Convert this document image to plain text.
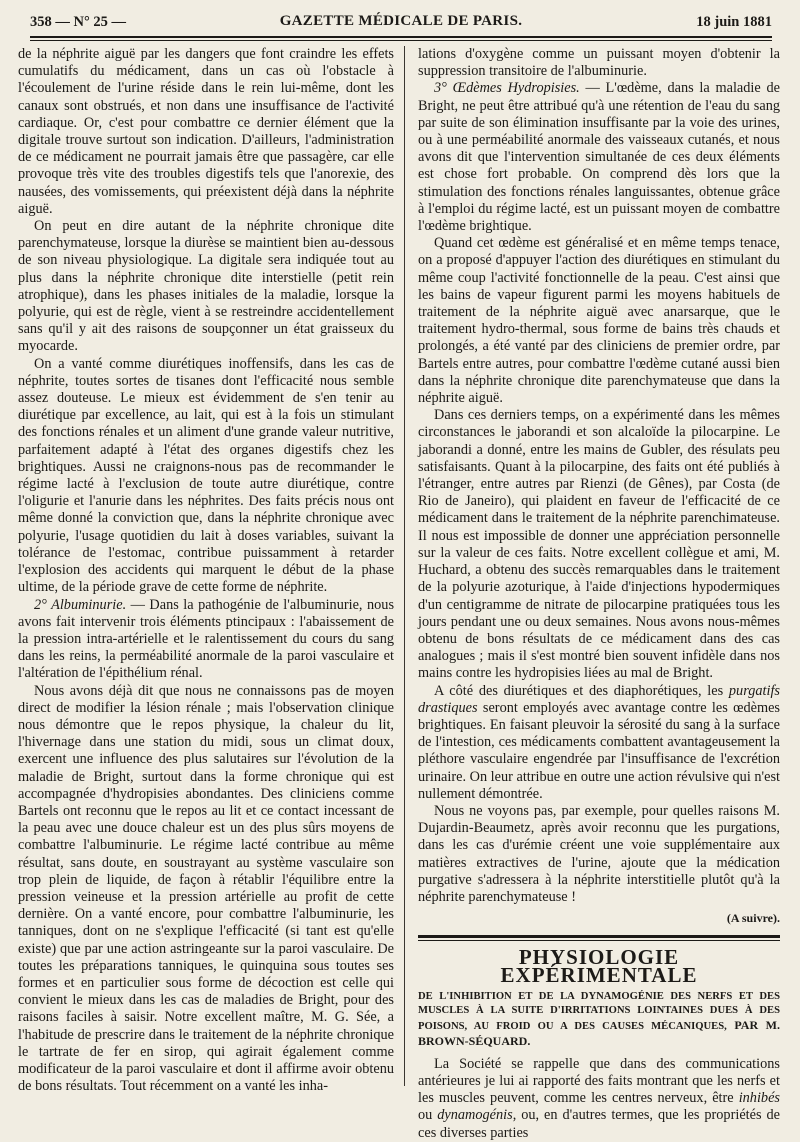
358 — N° 25 —	GAZETTE MÉDICALE DE PARIS.	18 juin 1881

de la néphrite aiguë par les dangers que font craindre les effets cumulatifs du médicament, dans un cas où l'obstacle à l'écoulement de l'urine réside dans le rein lui-même, dont les canaux sont obstrués, et non dans une insuffisance de l'activité cardiaque. Or, c'est pour combattre ce dernier élément que la digitale trouve surtout son indication. D'ailleurs, l'administration de ce médicament ne pourrait jamais être que passagère, car elle provoque très vite des troubles digestifs tels que l'anorexie, des nausées, des vomissements, qui préexistent déjà dans la néphrite aiguë.

On peut en dire autant de la néphrite chronique dite parenchymateuse, lorsque la diurèse se maintient bien au-dessous de son niveau physiologique. La digitale sera indiquée tout au plus dans la néphrite chronique dite interstielle (petit rein atrophique), dans les phases initiales de la maladie, lorsque la polyurie, qui est de règle, vient à se restreindre accidentellement sans qu'il y ait des raisons de soupçonner un état graisseux du myocarde.

On a vanté comme diurétiques inoffensifs, dans les cas de néphrite, toutes sortes de tisanes dont l'efficacité nous semble assez douteuse. Le mieux est évidemment de s'en tenir au diurétique par excellence, au lait, qui est à la fois un stimulant des fonctions rénales et un aliment d'une grande valeur nutritive, parfaitement adapté à l'état des organes digestifs chez les brightiques. Aussi ne craignons-nous pas de recommander le régime lacté à l'exclusion de toute autre diurétique, contre l'oligurie et l'anurie dans les néphrites. Des faits précis nous ont même donné la conviction que, dans la néphrite chronique avec polyurie, l'usage quotidien du lait à doses variables, suivant la tolérance de l'estomac, contribue puissamment à retarder l'explosion des accidents qui marquent le début de la phase ultime, de la période grave de cette forme de néphrite.

2° Albuminurie. — Dans la pathogénie de l'albuminurie, nous avons fait intervenir trois éléments ptincipaux : l'abaissement de la pression intra-artérielle et le ralentissement du cours du sang dans les reins, la perméabilité anormale de la paroi vasculaire et l'altération de l'épithélium rénal.

Nous avons déjà dit que nous ne connaissons pas de moyen direct de modifier la lésion rénale ; mais l'observation clinique nous démontre que le repos physique, la chaleur du lit, l'hivernage dans une station du midi, sous un climat doux, exercent une influence des plus salutaires sur l'évolution de la maladie de Bright, surtout dans la forme chronique qui est accompagnée d'hydropisies abondantes. Des cliniciens comme Bartels ont reconnu que le repos au lit et ce contact incessant de la peau avec une douce chaleur est un des plus sûrs moyens de combattre l'albuminurie. Le régime lacté contribue au même résultat, sans doute, en soustrayant au système vasculaire son trop plein de liquide, de façon à rétablir l'équilibre entre la pression veineuse et la pression artérielle au profit de cette dernière. On a vanté encore, pour combattre l'albuminurie, les tanniques, dont on ne s'explique l'efficacité (si tant est qu'elle existe) que par une action astringeante sur la paroi vasculaire. De toutes les préparations tanniques, le quinquina sous toutes ses formes et en particulier sous forme de décoction est celle qui convient le mieux dans les cas de maladies de Bright, pour des raisons faciles à saisir. Notre excellent maître, M. G. Sée, a l'habitude de prescrire dans le traitement de la néphrite chronique le tartrate de fer en sirop, qui agirait également comme modificateur de la paroi vasculaire et dont il affirme avoir obtenu de bons résultats. Tout récemment on a vanté les inha-

lations d'oxygène comme un puissant moyen d'obtenir la suppression transitoire de l'albuminurie.

3° Œdèmes Hydropisies. — L'œdème, dans la maladie de Bright, ne peut être attribué qu'à une rétention de l'eau du sang par suite de son élimination insuffisante par la voie des urines, ou à une perméabilité anormale des vaisseaux cutanés, et nous avons dit que l'intervention simultanée de ces deux éléments est chose fort probable. On comprend dès lors que la stimulation des fonctions rénales languissantes, obtenue grâce à l'emploi du régime lacté, est un puissant moyen de combattre l'œdème brightique.

Quand cet œdème est généralisé et en même temps tenace, on a proposé d'appuyer l'action des diurétiques en stimulant du même coup l'activité fonctionnelle de la peau. C'est ainsi que les bains de vapeur figurent parmi les moyens habituels de traitement de la néphrite aiguë avec anarsarque, que le traitement hydro-thermal, sous forme de bains très chauds et prolongés, a été vanté par des cliniciens de premier ordre, par Bartels entre autres, pour combattre l'œdème cutané aussi bien dans la néphrite chronique dite parenchymateuse que dans la néphrite aiguë.

Dans ces derniers temps, on a expérimenté dans les mêmes circonstances le jaborandi et son alcaloïde la pilocarpine. Le jaborandi a donné, entre les mains de Gubler, des résulats peu satisfaisants. Quant à la pilocarpine, des faits ont été publiés à l'étranger, entre autres par Rienzi (de Gênes), par Costa (de Rio de Janeiro), qui plaident en faveur de l'efficacité de ce médicament dans le traitement de la néphrite parenchimateuse. Il nous est impossible de donner une appréciation personnelle sur la valeur de ces faits. Notre excellent collègue et ami, M. Huchard, a obtenu des succès remarquables dans le traitement de la polyurie azoturique, à l'aide d'injections hypodermiques d'un centigramme de nitrate de pilocarpine pratiquées tous les jours pendant une ou deux semaines. Nous avons nous-mêmes obtenu de bons résultats de ce médicament dans des cas analogues ; mais il s'est montré bien souvent infidèle dans nos mains contre les hydropisies liées au mal de Bright.

A côté des diurétiques et des diaphorétiques, les purgatifs drastiques seront employés avec avantage contre les œdèmes brightiques. En faisant pleuvoir la sérosité du sang à la surface de l'intestion, ces médicaments combattent avantageusement la pléthore vasculaire engendrée par l'insuffisance de l'excrétion urinaire. On leur attribue en outre une action révulsive qui n'est nullement démontrée.

Nous ne voyons pas, par exemple, pour quelles raisons M. Dujardin-Beaumetz, après avoir reconnu que les purgations, dans les cas d'urémie créent une voie supplémentaire aux matières extractives de l'urine, ajoute que la médication purgative s'adressera à la néphrite interstitielle plutôt qu'à la néphrite parenchymateuse !

(A suivre).
PHYSIOLOGIE EXPÉRIMENTALE
DE L'INHIBITION ET DE LA DYNAMOGÉNIE DES NERFS ET DES MUSCLES À LA SUITE D'IRRITATIONS LOINTAINES DUES À DES POISONS, AU FROID OU A DES CAUSES MÉCANIQUES, PAR M. BROWN-SÉQUARD.

La Société se rappelle que dans des communications antérieures je lui ai rapporté des faits montrant que les nerfs et les muscles peuvent, comme les centres nerveux, être inhibés ou dynamogénis, ou, en d'autres termes, que les propriétés de ces diverses parties
